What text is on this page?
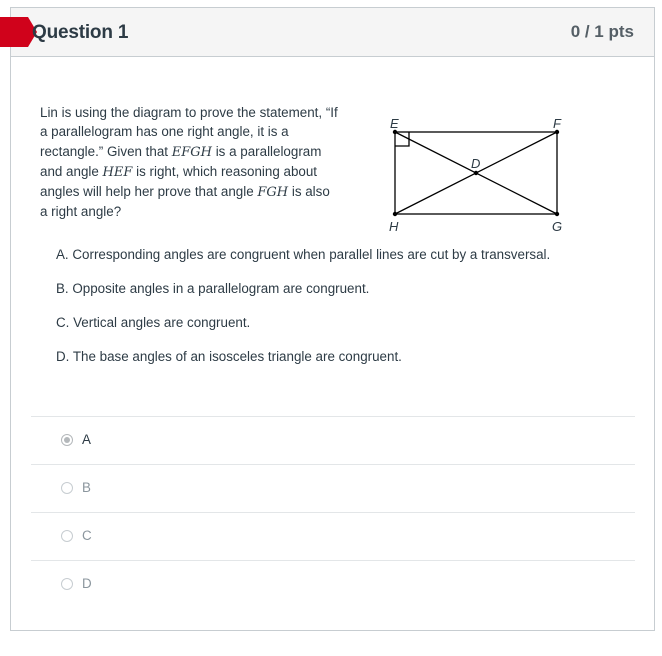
Question 1	0 / 1 pts
Lin is using the diagram to prove the statement, “If a parallelogram has one right angle, it is a rectangle.” Given that EFGH is a parallelogram and angle HEF is right, which reasoning about angles will help her prove that angle FGH is also a right angle?
E	F
G
H
D
A. Corresponding angles are congruent when parallel lines are cut by a transversal.
B. Opposite angles in a parallelogram are congruent.
C. Vertical angles are congruent.
D. The base angles of an isosceles triangle are congruent.
A
B
C
D
